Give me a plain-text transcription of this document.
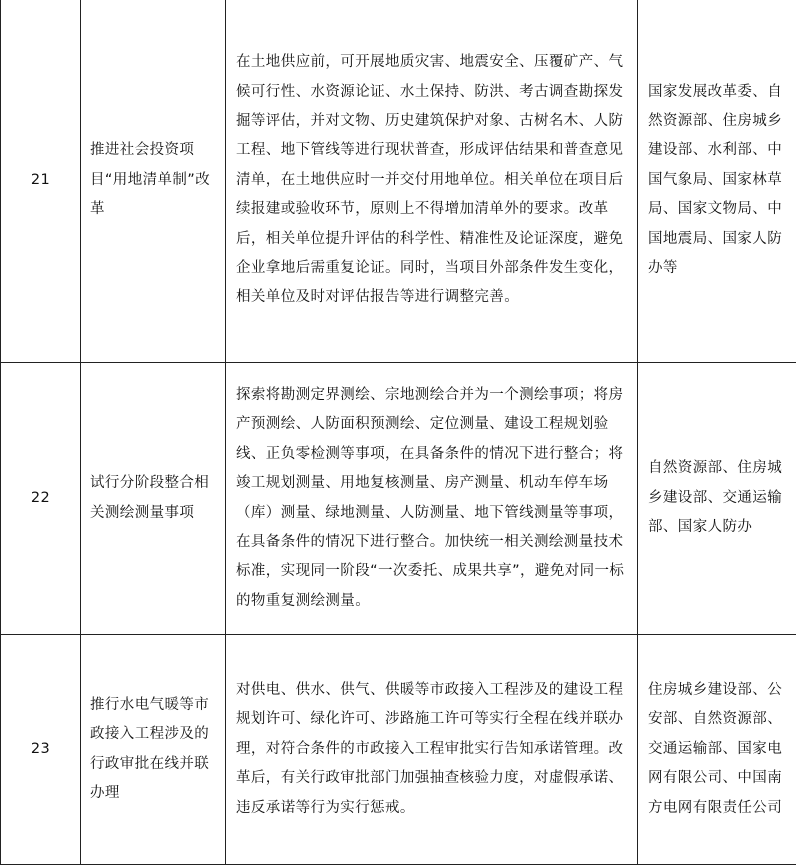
21	推进社会投资项目“用地清单制”改革	在土地供应前，可开展地质灾害、地震安全、压覆矿产、气候可行性、水资源论证、水土保持、防洪、考古调查勘探发掘等评估，并对文物、历史建筑保护对象、古树名木、人防工程、地下管线等进行现状普查，形成评估结果和普查意见清单，在土地供应时一并交付用地单位。相关单位在项目后续报建或验收环节，原则上不得增加清单外的要求。改革后，相关单位提升评估的科学性、精准性及论证深度，避免企业拿地后需重复论证。同时，当项目外部条件发生变化，相关单位及时对评估报告等进行调整完善。	国家发展改革委、自然资源部、住房城乡建设部、水利部、中国气象局、国家林草局、国家文物局、中国地震局、国家人防办等

22	试行分阶段整合相关测绘测量事项	探索将勘测定界测绘、宗地测绘合并为一个测绘事项；将房产预测绘、人防面积预测绘、定位测量、建设工程规划验线、正负零检测等事项，在具备条件的情况下进行整合；将竣工规划测量、用地复核测量、房产测量、机动车停车场（库）测量、绿地测量、人防测量、地下管线测量等事项，在具备条件的情况下进行整合。加快统一相关测绘测量技术标准，实现同一阶段“一次委托、成果共享”，避免对同一标的物重复测绘测量。	自然资源部、住房城乡建设部、交通运输部、国家人防办

23	推行水电气暖等市政接入工程涉及的行政审批在线并联办理	对供电、供水、供气、供暖等市政接入工程涉及的建设工程规划许可、绿化许可、涉路施工许可等实行全程在线并联办理，对符合条件的市政接入工程审批实行告知承诺管理。改革后，有关行政审批部门加强抽查核验力度，对虚假承诺、违反承诺等行为实行惩戒。	住房城乡建设部、公安部、自然资源部、交通运输部、国家电网有限公司、中国南方电网有限责任公司
